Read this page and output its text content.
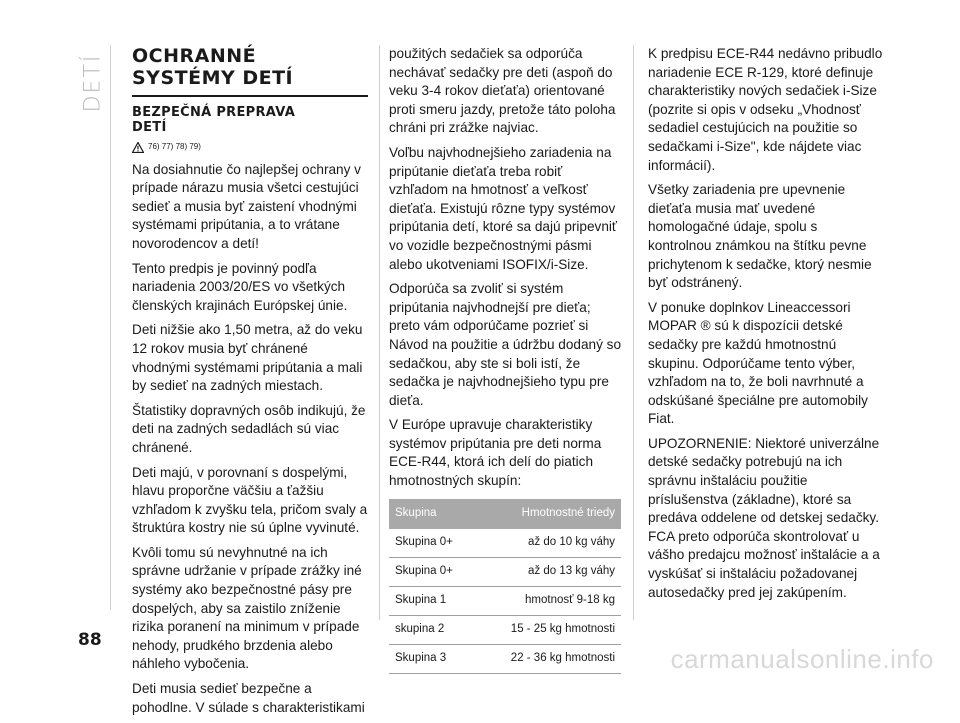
DETÍ OCHRANNÉ
SYSTÉMY DETÍ
BEZPEČNÁ PREPRAVA
DETÍ
76) 77) 78) 79)

Na dosiahnutie čo najlepšej ochrany v prípade nárazu musia všetci cestujúci sedieť a musia byť zaistení vhodnými systémami pripútania, a to vrátane novorodencov a detí!

Tento predpis je povinný podľa nariadenia 2003/20/ES vo všetkých členských krajinách Európskej únie.

Deti nižšie ako 1,50 metra, až do veku 12 rokov musia byť chránené vhodnými systémami pripútania a mali by sedieť na zadných miestach.

Štatistiky dopravných osôb indikujú, že deti na zadných sedadlách sú viac chránené.

Deti majú, v porovnaní s dospelými, hlavu proporčne väčšiu a ťažšiu vzhľadom k zvyšku tela, pričom svaly a štruktúra kostry nie sú úplne vyvinuté.

Kvôli tomu sú nevyhnutné na ich správne udržanie v prípade zrážky iné systémy ako bezpečnostné pásy pre dospelých, aby sa zaistilo zníženie rizika poranení na minimum v prípade nehody, prudkého brzdenia alebo náhleho vybočenia.

Deti musia sedieť bezpečne a pohodlne. V súlade s charakteristikami

použitých sedačiek sa odporúča nechávať sedačky pre deti (aspoň do veku 3-4 rokov dieťaťa) orientované proti smeru jazdy, pretože táto poloha chráni pri zrážke najviac.

Voľbu najvhodnejšieho zariadenia na pripútanie dieťaťa treba robiť vzhľadom na hmotnosť a veľkosť dieťaťa. Existujú rôzne typy systémov pripútania detí, ktoré sa dajú pripevniť vo vozidle bezpečnostnými pásmi alebo ukotveniami ISOFIX/i-Size.

Odporúča sa zvoliť si systém pripútania najvhodnejší pre dieťa; preto vám odporúčame pozrieť si Návod na použitie a údržbu dodaný so sedačkou, aby ste si boli istí, že sedačka je najvhodnejšieho typu pre dieťa.

V Európe upravuje charakteristiky systémov pripútania pre deti norma ECE-R44, ktorá ich delí do piatich hmotnostných skupín:

Skupina	Hmotnostné triedy
Skupina 0+	až do 10 kg váhy
Skupina 0+	až do 13 kg váhy
Skupina 1	hmotnosť 9-18 kg
skupina 2	15 - 25 kg hmotnosti
Skupina 3	22 - 36 kg hmotnosti

K predpisu ECE-R44 nedávno pribudlo nariadenie ECE R-129, ktoré definuje charakteristiky nových sedačiek i-Size (pozrite si opis v odseku „Vhodnosť sedadiel cestujúcich na použitie so sedačkami i-Size", kde nájdete viac informácií).

Všetky zariadenia pre upevnenie dieťaťa musia mať uvedené homologačné údaje, spolu s kontrolnou známkou na štítku pevne prichytenom k sedačke, ktorý nesmie byť odstránený.

V ponuke doplnkov Lineaccessori MOPAR ® sú k dispozícii detské sedačky pre každú hmotnostnú skupinu. Odporúčame tento výber, vzhľadom na to, že boli navrhnuté a odskúšané špeciálne pre automobily Fiat.

UPOZORNENIE: Niektoré univerzálne detské sedačky potrebujú na ich správnu inštaláciu použitie príslušenstva (základne), ktoré sa predáva oddelene od detskej sedačky. FCA preto odporúča skontrolovať u vášho predajcu možnosť inštalácie a a vyskúšať si inštaláciu požadovanej autosedačky pred jej zakúpením.

88
carmanualsonline.info
